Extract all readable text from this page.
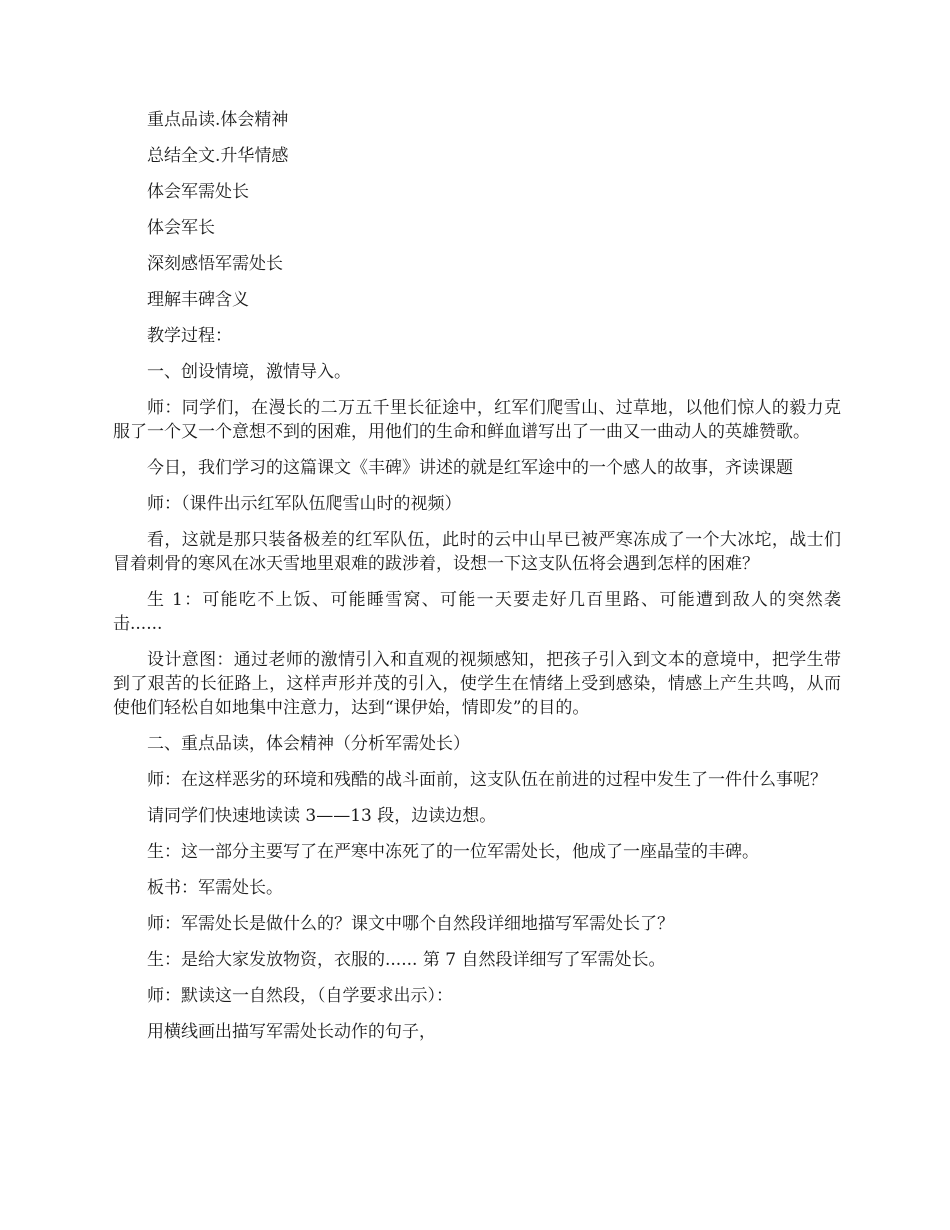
重点品读.体会精神

总结全文.升华情感

体会军需处长

体会军长

深刻感悟军需处长

理解丰碑含义

教学过程：

一、创设情境，激情导入。

师：同学们，在漫长的二万五千里长征途中，红军们爬雪山、过草地，以他们惊人的毅力克服了一个又一个意想不到的困难，用他们的生命和鲜血谱写出了一曲又一曲动人的英雄赞歌。

今日，我们学习的这篇课文《丰碑》讲述的就是红军途中的一个感人的故事，齐读课题

师：（课件出示红军队伍爬雪山时的视频）

看，这就是那只装备极差的红军队伍，此时的云中山早已被严寒冻成了一个大冰坨，战士们冒着刺骨的寒风在冰天雪地里艰难的跋涉着，设想一下这支队伍将会遇到怎样的困难？

生 1：可能吃不上饭、可能睡雪窝、可能一天要走好几百里路、可能遭到敌人的突然袭击......

设计意图：通过老师的激情引入和直观的视频感知，把孩子引入到文本的意境中，把学生带到了艰苦的长征路上，这样声形并茂的引入，使学生在情绪上受到感染，情感上产生共鸣，从而使他们轻松自如地集中注意力，达到“课伊始，情即发”的目的。

二、重点品读，体会精神（分析军需处长）

师：在这样恶劣的环境和残酷的战斗面前，这支队伍在前进的过程中发生了一件什么事呢？

请同学们快速地读读 3——13 段，边读边想。

生：这一部分主要写了在严寒中冻死了的一位军需处长，他成了一座晶莹的丰碑。

板书：军需处长。

师：军需处长是做什么的？课文中哪个自然段详细地描写军需处长了？

生：是给大家发放物资，衣服的...... 第 7 自然段详细写了军需处长。

师：默读这一自然段，（自学要求出示）：

用横线画出描写军需处长动作的句子，
